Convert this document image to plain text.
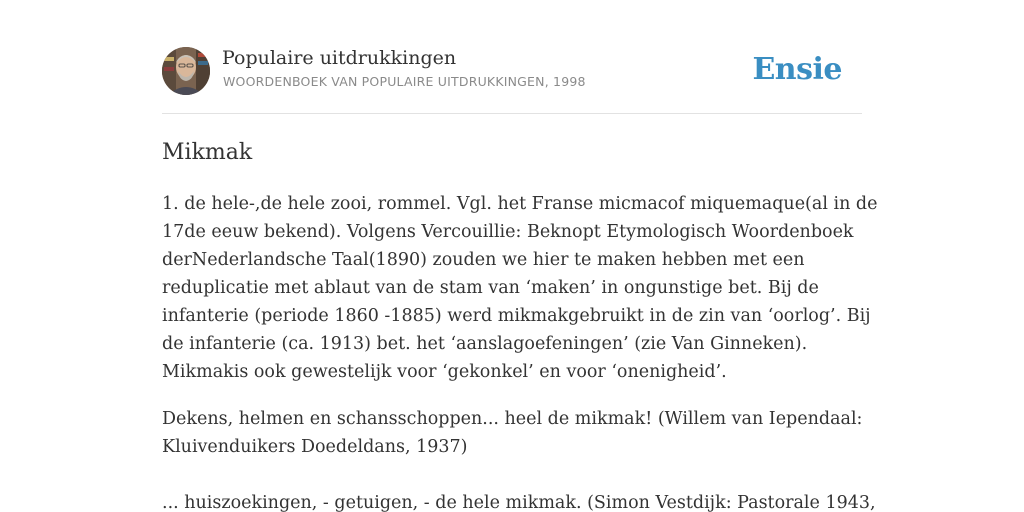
Populaire uitdrukkingen
WOORDENBOEK VAN POPULAIRE UITDRUKKINGEN, 1998	Ensie
Mikmak

1. de hele-,de hele zooi, rommel. Vgl. het Franse micmacof miquemaque(al in de
17de eeuw bekend). Volgens Vercouillie: Beknopt Etymologisch Woordenboek
derNederlandsche Taal(1890) zouden we hier te maken hebben met een
reduplicatie met ablaut van de stam van ‘maken’ in ongunstige bet. Bij de
infanterie (periode 1860 -1885) werd mikmakgebruikt in de zin van ‘oorlog’. Bij
de infanterie (ca. 1913) bet. het ‘aanslagoefeningen’ (zie Van Ginneken).
Mikmakis ook gewestelijk voor ‘gekonkel’ en voor ‘onenigheid’.

Dekens, helmen en schansschoppen... heel de mikmak! (Willem van Iependaal:
Kluivenduikers Doedeldans, 1937)

... huiszoekingen, - getuigen, - de hele mikmak. (Simon Vestdijk: Pastorale 1943,
